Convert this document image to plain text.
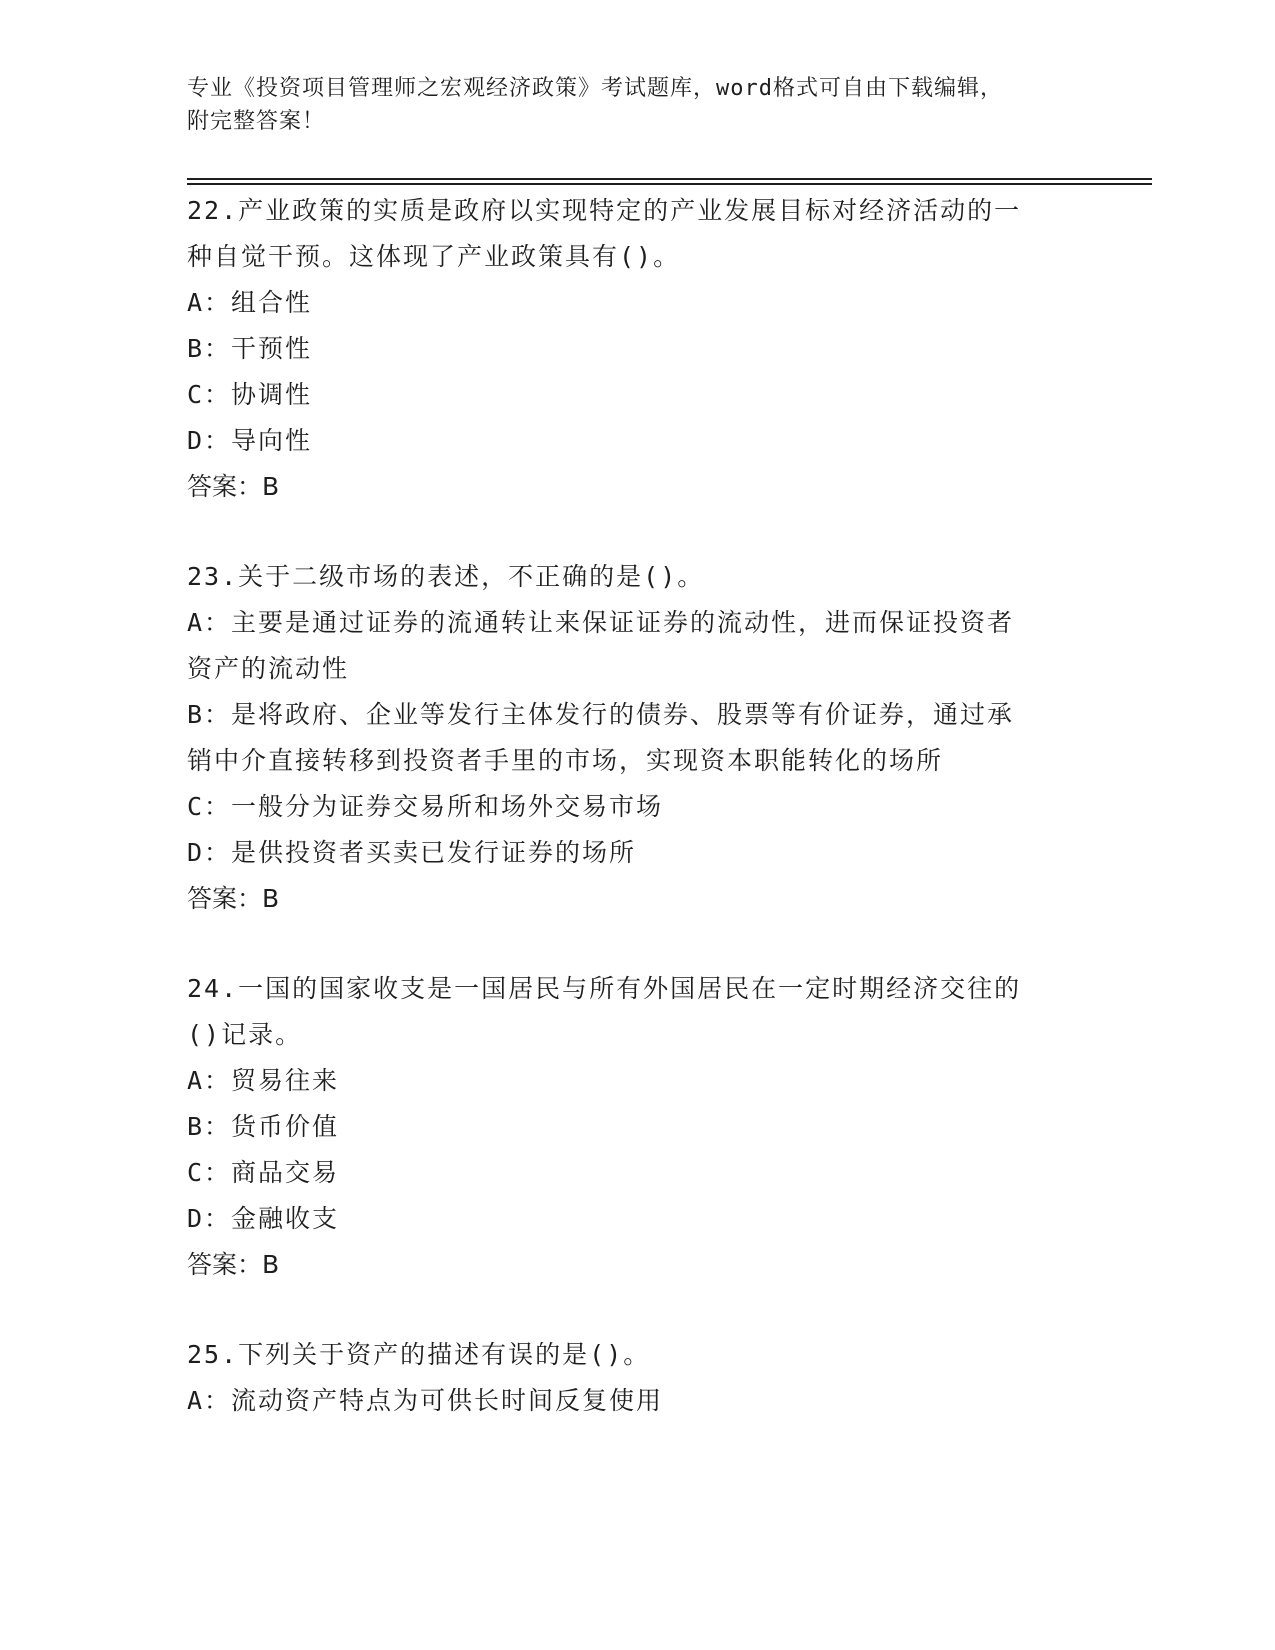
专业《投资项目管理师之宏观经济政策》考试题库，word格式可自由下载编辑，
附完整答案！
22.产业政策的实质是政府以实现特定的产业发展目标对经济活动的一
种自觉干预。这体现了产业政策具有()。
A：组合性
B：干预性
C：协调性
D：导向性
答案：B
23.关于二级市场的表述，不正确的是()。
A：主要是通过证券的流通转让来保证证券的流动性，进而保证投资者
资产的流动性
B：是将政府、企业等发行主体发行的债券、股票等有价证券，通过承
销中介直接转移到投资者手里的市场，实现资本职能转化的场所
C：一般分为证券交易所和场外交易市场
D：是供投资者买卖已发行证券的场所
答案：B
24.一国的国家收支是一国居民与所有外国居民在一定时期经济交往的
()记录。
A：贸易往来
B：货币价值
C：商品交易
D：金融收支
答案：B
25.下列关于资产的描述有误的是()。
A：流动资产特点为可供长时间反复使用
